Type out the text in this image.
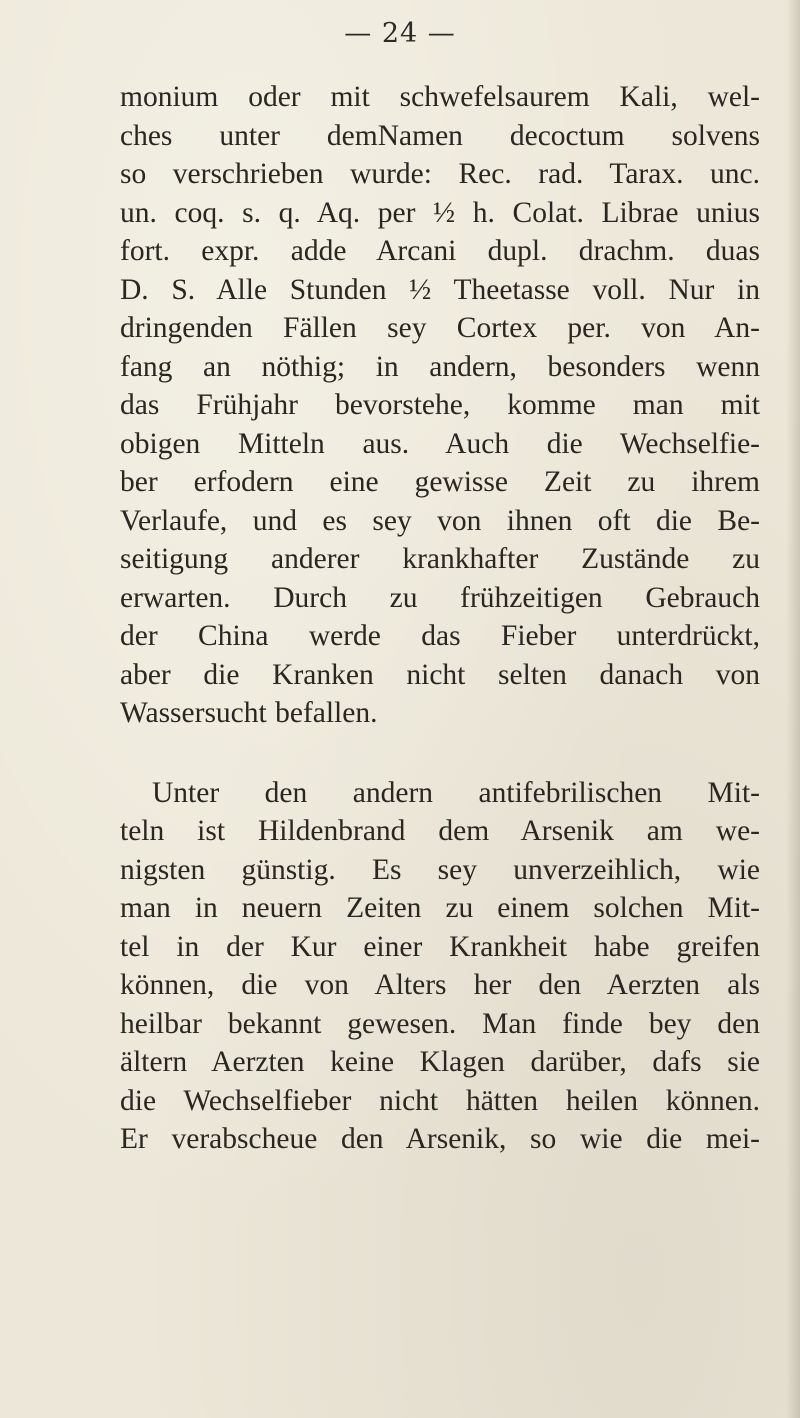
— 24 —
monium oder mit schwefelsaurem Kali, wel-
ches unter demNamen decoctum solvens
so verschrieben wurde: Rec. rad. Tarax. unc.
un. coq. s. q. Aq. per ½ h. Colat. Librae unius
fort. expr. adde Arcani dupl. drachm. duas
D. S. Alle Stunden ½ Theetasse voll. Nur in
dringenden Fällen sey Cortex per. von An-
fang an nöthig; in andern, besonders wenn
das Frühjahr bevorstehe, komme man mit
obigen Mitteln aus. Auch die Wechselfie-
ber erfodern eine gewisse Zeit zu ihrem
Verlaufe, und es sey von ihnen oft die Be-
seitigung anderer krankhafter Zustände zu
erwarten. Durch zu frühzeitigen Gebrauch
der China werde das Fieber unterdrückt,
aber die Kranken nicht selten danach von
Wassersucht befallen.
Unter den andern antifebrilischen Mit-
teln ist Hildenbrand dem Arsenik am we-
nigsten günstig. Es sey unverzeihlich, wie
man in neuern Zeiten zu einem solchen Mit-
tel in der Kur einer Krankheit habe greifen
können, die von Alters her den Aerzten als
heilbar bekannt gewesen. Man finde bey den
ältern Aerzten keine Klagen darüber, dafs sie
die Wechselfieber nicht hätten heilen können.
Er verabscheue den Arsenik, so wie die mei-
